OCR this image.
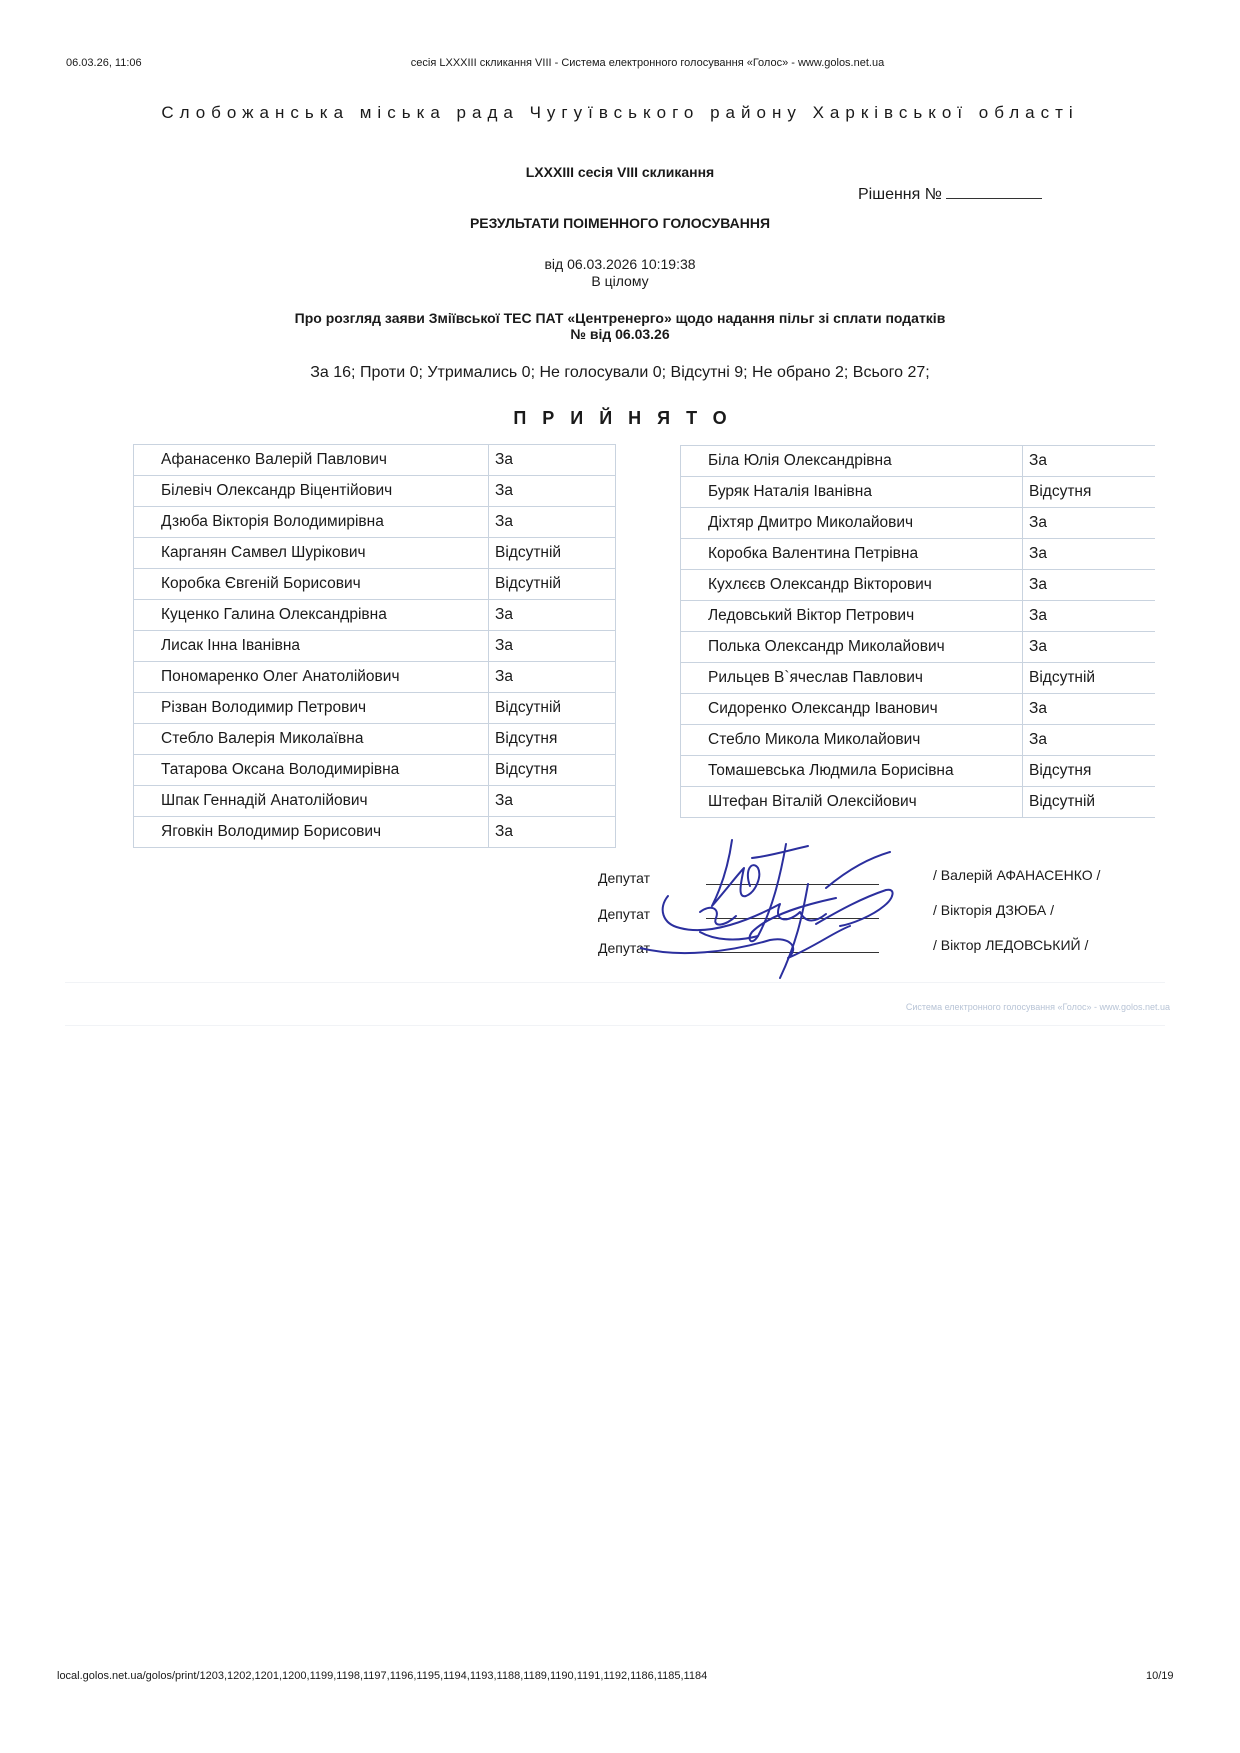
06.03.26, 11:06	сесія LXXXIII скликання VIII - Система електронного голосування «Голос» - www.golos.net.ua
Слобожанська міська рада Чугуївського району Харківської області
LXXXIII сесія VIII скликання
Рішення №
РЕЗУЛЬТАТИ ПОІМЕННОГО ГОЛОСУВАННЯ
від 06.03.2026 10:19:38
В цілому
Про розгляд заяви Зміївської ТЕС ПАТ «Центренерго» щодо надання пільг зі сплати податків
№ від 06.03.26
За 16; Проти 0; Утримались 0; Не голосували 0; Відсутні 9; Не обрано 2; Всього 27;
ПРИЙНЯТО
Афанасенко Валерій Павлович	За
Білевіч Олександр Віцентійович	За
Дзюба Вікторія Володимирівна	За
Карганян Самвел Шурікович	Відсутній
Коробка Євгеній Борисович	Відсутній
Куценко Галина Олександрівна	За
Лисак Інна Іванівна	За
Пономаренко Олег Анатолійович	За
Різван Володимир Петрович	Відсутній
Стебло Валерія Миколаївна	Відсутня
Татарова Оксана Володимирівна	Відсутня
Шпак Геннадій Анатолійович	За
Яговкін Володимир Борисович	За
Біла Юлія Олександрівна	За
Буряк Наталія Іванівна	Відсутня
Діхтяр Дмитро Миколайович	За
Коробка Валентина Петрівна	За
Кухлєєв Олександр Вікторович	За
Ледовський Віктор Петрович	За
Полька Олександр Миколайович	За
Рильцев В`ячеслав Павлович	Відсутній
Сидоренко Олександр Іванович	За
Стебло Микола Миколайович	За
Томашевська Людмила Борисівна	Відсутня
Штефан Віталій Олексійович	Відсутній
Депутат	/ Валерій АФАНАСЕНКО /
Депутат	/ Вікторія ДЗЮБА /
Депутат	/ Віктор ЛЕДОВСЬКИЙ /
Система електронного голосування «Голос» - www.golos.net.ua
local.golos.net.ua/golos/print/1203,1202,1201,1200,1199,1198,1197,1196,1195,1194,1193,1188,1189,1190,1191,1192,1186,1185,1184	10/19
